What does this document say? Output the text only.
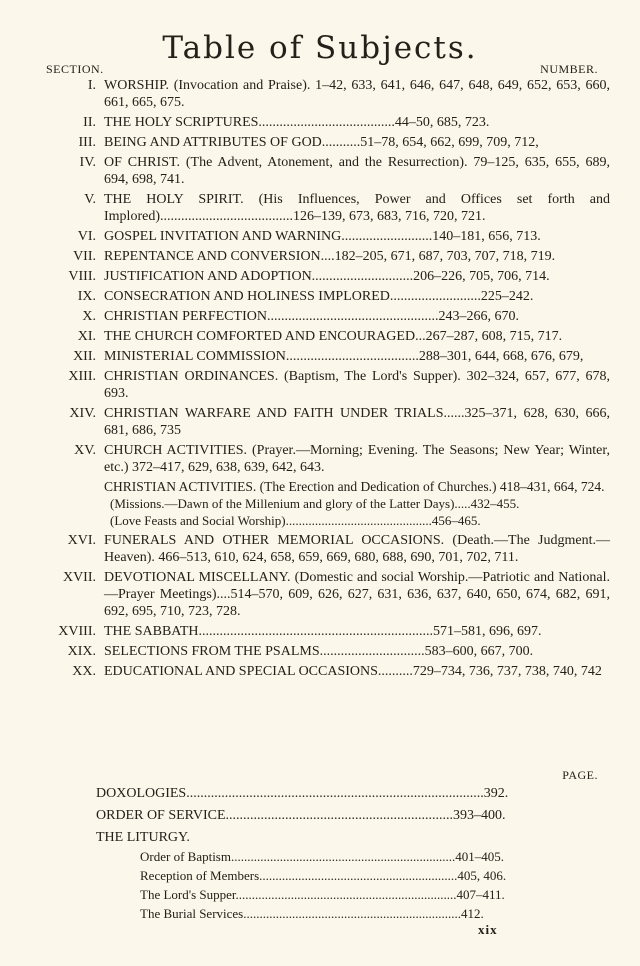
Table of Subjects.
SECTION.	NUMBER.
I. WORSHIP. (Invocation and Praise). 1–42, 633, 641, 646, 647, 648, 649, 652, 653, 660, 661, 665, 675.
II. THE HOLY SCRIPTURES.......................................44–50, 685, 723.
III. BEING AND ATTRIBUTES OF GOD...........51–78, 654, 662, 699, 709, 712,
IV. OF CHRIST. (The Advent, Atonement, and the Resurrection). 79–125, 635, 655, 689, 694, 698, 741.
V. THE HOLY SPIRIT. (His Influences, Power and Offices set forth and Implored)......................................126–139, 673, 683, 716, 720, 721.
VI. GOSPEL INVITATION AND WARNING..........................140–181, 656, 713.
VII. REPENTANCE AND CONVERSION....182–205, 671, 687, 703, 707, 718, 719.
VIII. JUSTIFICATION AND ADOPTION.............................206–226, 705, 706, 714.
IX. CONSECRATION AND HOLINESS IMPLORED..........................225–242.
X. CHRISTIAN PERFECTION.................................................243–266, 670.
XI. THE CHURCH COMFORTED AND ENCOURAGED...267–287, 608, 715, 717.
XII. MINISTERIAL COMMISSION......................................288–301, 644, 668, 676, 679,
XIII. CHRISTIAN ORDINANCES. (Baptism, The Lord's Supper). 302–324, 657, 677, 678, 693.
XIV. CHRISTIAN WARFARE AND FAITH UNDER TRIALS......325–371, 628, 630, 666, 681, 686, 735
XV. CHURCH ACTIVITIES. (Prayer.—Morning; Evening. The Seasons; New Year; Winter, etc.) 372–417, 629, 638, 639, 642, 643.
CHRISTIAN ACTIVITIES. (The Erection and Dedication of Churches.) 418–431, 664, 724.
(Missions.—Dawn of the Millenium and glory of the Latter Days).....432–455.
(Love Feasts and Social Worship).............................................456–465.
XVI. FUNERALS AND OTHER MEMORIAL OCCASIONS. (Death.—The Judgment.—Heaven). 466–513, 610, 624, 658, 659, 669, 680, 688, 690, 701, 702, 711.
XVII. DEVOTIONAL MISCELLANY. (Domestic and social Worship.—Patriotic and National.—Prayer Meetings)....514–570, 609, 626, 627, 631, 636, 637, 640, 650, 674, 682, 691, 692, 695, 710, 723, 728.
XVIII. THE SABBATH...................................................................571–581, 696, 697.
XIX. SELECTIONS FROM THE PSALMS..............................583–600, 667, 700.
XX. EDUCATIONAL AND SPECIAL OCCASIONS..........729–734, 736, 737, 738, 740, 742
PAGE.
DOXOLOGIES.....................................................................................392.
ORDER OF SERVICE.................................................................393–400.
THE LITURGY.
Order of Baptism.....................................................................401–405.
Reception of Members.............................................................405, 406.
The Lord's Supper....................................................................407–411.
The Burial Services...................................................................412.
xix
